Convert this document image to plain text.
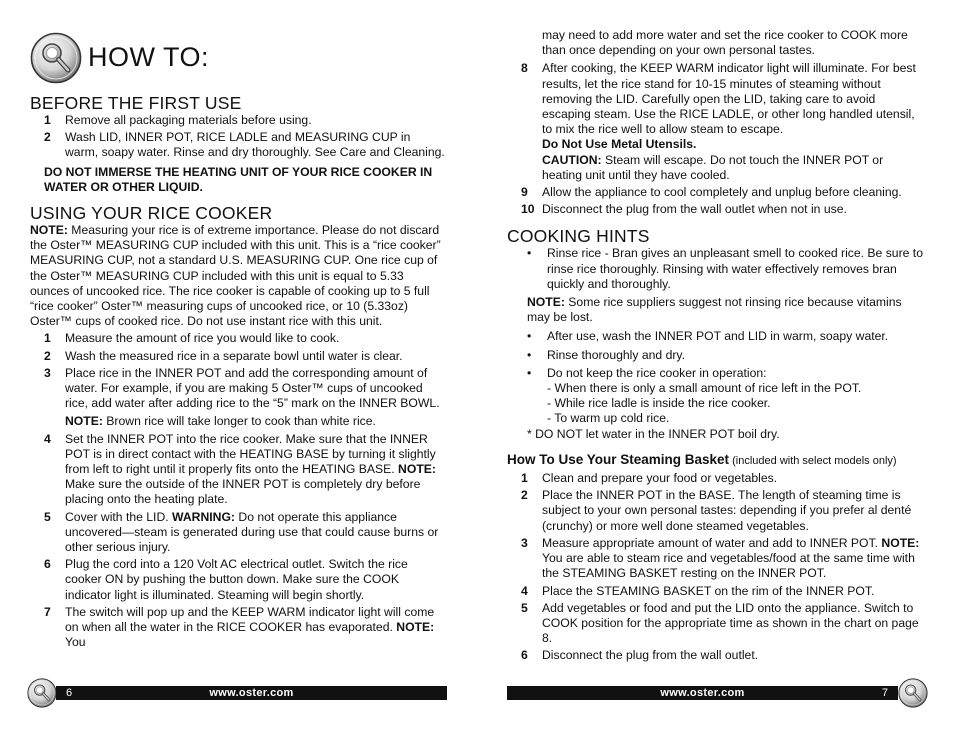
HOW TO:
BEFORE THE FIRST USE
1 Remove all packaging materials before using.
2 Wash LID, INNER POT, RICE LADLE and MEASURING CUP in warm, soapy water. Rinse and dry thoroughly. See Care and Cleaning.

DO NOT IMMERSE THE HEATING UNIT OF YOUR RICE COOKER IN WATER OR OTHER LIQUID.

USING YOUR RICE COOKER

NOTE: Measuring your rice is of extreme importance. Please do not discard the Oster™ MEASURING CUP included with this unit. This is a “rice cooker” MEASURING CUP, not a standard U.S. MEASURING CUP. One rice cup of the Oster™ MEASURING CUP included with this unit is equal to 5.33 ounces of uncooked rice. The rice cooker is capable of cooking up to 5 full “rice cooker” Oster™ measuring cups of uncooked rice, or 10 (5.33oz) Oster™ cups of cooked rice. Do not use instant rice with this unit.

1 Measure the amount of rice you would like to cook.
2 Wash the measured rice in a separate bowl until water is clear.
3 Place rice in the INNER POT and add the corresponding amount of water. For example, if you are making 5 Oster™ cups of uncooked rice, add water after adding rice to the “5” mark on the INNER BOWL.
NOTE: Brown rice will take longer to cook than white rice.
4 Set the INNER POT into the rice cooker. Make sure that the INNER POT is in direct contact with the HEATING BASE by turning it slightly from left to right until it properly fits onto the HEATING BASE. NOTE: Make sure the outside of the INNER POT is completely dry before placing onto the heating plate.
5 Cover with the LID. WARNING: Do not operate this appliance uncovered—steam is generated during use that could cause burns or other serious injury.
6 Plug the cord into a 120 Volt AC electrical outlet. Switch the rice cooker ON by pushing the button down. Make sure the COOK indicator light is illuminated. Steaming will begin shortly.
7 The switch will pop up and the KEEP WARM indicator light will come on when all the water in the RICE COOKER has evaporated. NOTE: You
6	www.oster.com

may need to add more water and set the rice cooker to COOK more than once depending on your own personal tastes.

8 After cooking, the KEEP WARM indicator light will illuminate. For best results, let the rice stand for 10-15 minutes of steaming without removing the LID. Carefully open the LID, taking care to avoid escaping steam. Use the RICE LADLE, or other long handled utensil, to mix the rice well to allow steam to escape.
Do Not Use Metal Utensils.
CAUTION: Steam will escape. Do not touch the INNER POT or heating unit until they have cooled.
9 Allow the appliance to cool completely and unplug before cleaning.
10 Disconnect the plug from the wall outlet when not in use.
COOKING HINTS
• Rinse rice - Bran gives an unpleasant smell to cooked rice. Be sure to rinse rice thoroughly. Rinsing with water effectively removes bran quickly and thoroughly.

NOTE: Some rice suppliers suggest not rinsing rice because vitamins may be lost.

• After use, wash the INNER POT and LID in warm, soapy water.
• Rinse thoroughly and dry.
• Do not keep the rice cooker in operation:
- When there is only a small amount of rice left in the POT.
- While rice ladle is inside the rice cooker.
- To warm up cold rice.

* DO NOT let water in the INNER POT boil dry.

How To Use Your Steaming Basket (included with select models only)

1 Clean and prepare your food or vegetables.
2 Place the INNER POT in the BASE. The length of steaming time is subject to your own personal tastes: depending if you prefer al denté (crunchy) or more well done steamed vegetables.
3 Measure appropriate amount of water and add to INNER POT. NOTE: You are able to steam rice and vegetables/food at the same time with the STEAMING BASKET resting on the INNER POT.
4 Place the STEAMING BASKET on the rim of the INNER POT.
5 Add vegetables or food and put the LID onto the appliance. Switch to COOK position for the appropriate time as shown in the chart on page 8.
6 Disconnect the plug from the wall outlet.
www.oster.com	7
